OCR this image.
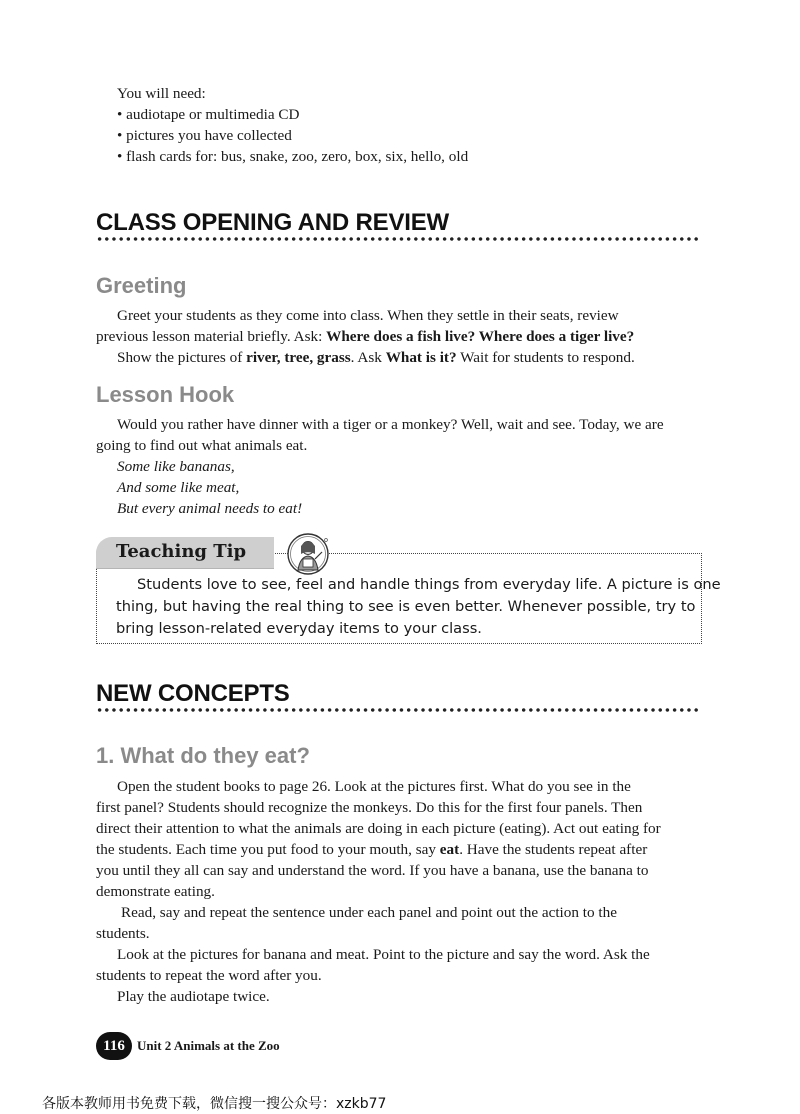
You will need:
• audiotape or multimedia CD
• pictures you have collected
• flash cards for: bus, snake, zoo, zero, box, six, hello, old
CLASS OPENING AND REVIEW
Greeting
Greet your students as they come into class. When they settle in their seats, review
previous lesson material briefly. Ask: Where does a fish live? Where does a tiger live?
Show the pictures of river, tree, grass. Ask What is it? Wait for students to respond.
Lesson Hook
Would you rather have dinner with a tiger or a monkey? Well, wait and see. Today, we are
going to find out what animals eat.
Some like bananas,
And some like meat,
But every animal needs to eat!
Teaching Tip
Students love to see, feel and handle things from everyday life. A picture is one
thing, but having the real thing to see is even better. Whenever possible, try to
bring lesson-related everyday items to your class.
NEW CONCEPTS
1. What do they eat?
Open the student books to page 26. Look at the pictures first. What do you see in the
first panel? Students should recognize the monkeys. Do this for the first four panels. Then
direct their attention to what the animals are doing in each picture (eating). Act out eating for
the students. Each time you put food to your mouth, say eat. Have the students repeat after
you until they all can say and understand the word. If you have a banana, use the banana to
demonstrate eating.
Read, say and repeat the sentence under each panel and point out the action to the
students.
Look at the pictures for banana and meat. Point to the picture and say the word. Ask the
students to repeat the word after you.
Play the audiotape twice.
116 Unit 2 Animals at the Zoo
各版本教师用书免费下载，微信搜一搜公众号：xzkb77
